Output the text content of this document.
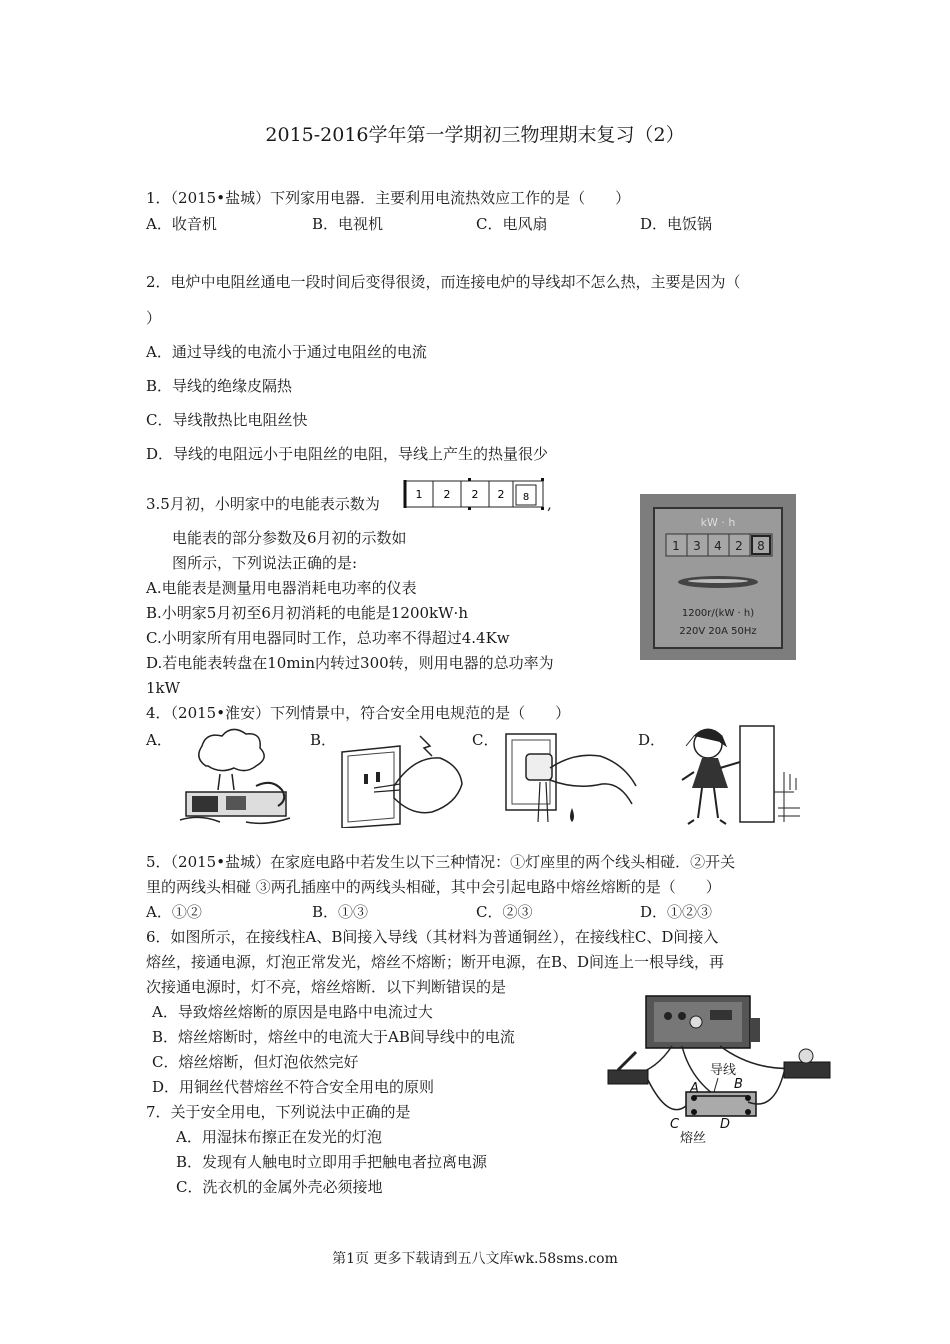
2015-2016学年第一学期初三物理期末复习（2）
1．（2015•盐城）下列家用电器．主要利用电流热效应工作的是（　　）
A．收音机	B．电视机	C．电风扇	D．电饭锅
2．电炉中电阻丝通电一段时间后变得很烫，而连接电炉的导线却不怎么热，主要是因为（
）
A．通过导线的电流小于通过电阻丝的电流
B．导线的绝缘皮隔热
C．导线散热比电阻丝快
D．导线的电阻远小于电阻丝的电阻，导线上产生的热量很少
3.5月初，小明家中的电能表示数为
1 2 2 2 8 ,
电能表的部分参数及6月初的示数如
图所示，下列说法正确的是:
A.电能表是测量用电器消耗电功率的仪表
B.小明家5月初至6月初消耗的电能是1200kW·h
C.小明家所有用电器同时工作，总功率不得超过4.4Kw
D.若电能表转盘在10min内转过300转，则用电器的总功率为
1kW
kW · h
1 3 4 2 8
1200r/(kW · h)
220V 20A 50Hz
4．（2015•淮安）下列情景中，符合安全用电规范的是（　　）
A．	B．	C．	D．
5．（2015•盐城）在家庭电路中若发生以下三种情况：①灯座里的两个线头相碰．②开关
里的两线头相碰 ③两孔插座中的两线头相碰，其中会引起电路中熔丝熔断的是（　　）
A．①②	B．①③	C．②③	D．①②③
6．如图所示，在接线柱A、B间接入导线（其材料为普通铜丝），在接线柱C、D间接入
熔丝，接通电源，灯泡正常发光，熔丝不熔断；断开电源，在B、D间连上一根导线，再
次接通电源时，灯不亮，熔丝熔断．以下判断错误的是
A．导致熔丝熔断的原因是电路中电流过大
B．熔丝熔断时，熔丝中的电流大于AB间导线中的电流
C．熔丝熔断，但灯泡依然完好
D．用铜丝代替熔丝不符合安全用电的原则
导线
A	B
C	D
熔丝
7．关于安全用电，下列说法中正确的是
A．用湿抹布擦正在发光的灯泡
B．发现有人触电时立即用手把触电者拉离电源
C．洗衣机的金属外壳必须接地
第1页 更多下载请到五八文库wk.58sms.com
